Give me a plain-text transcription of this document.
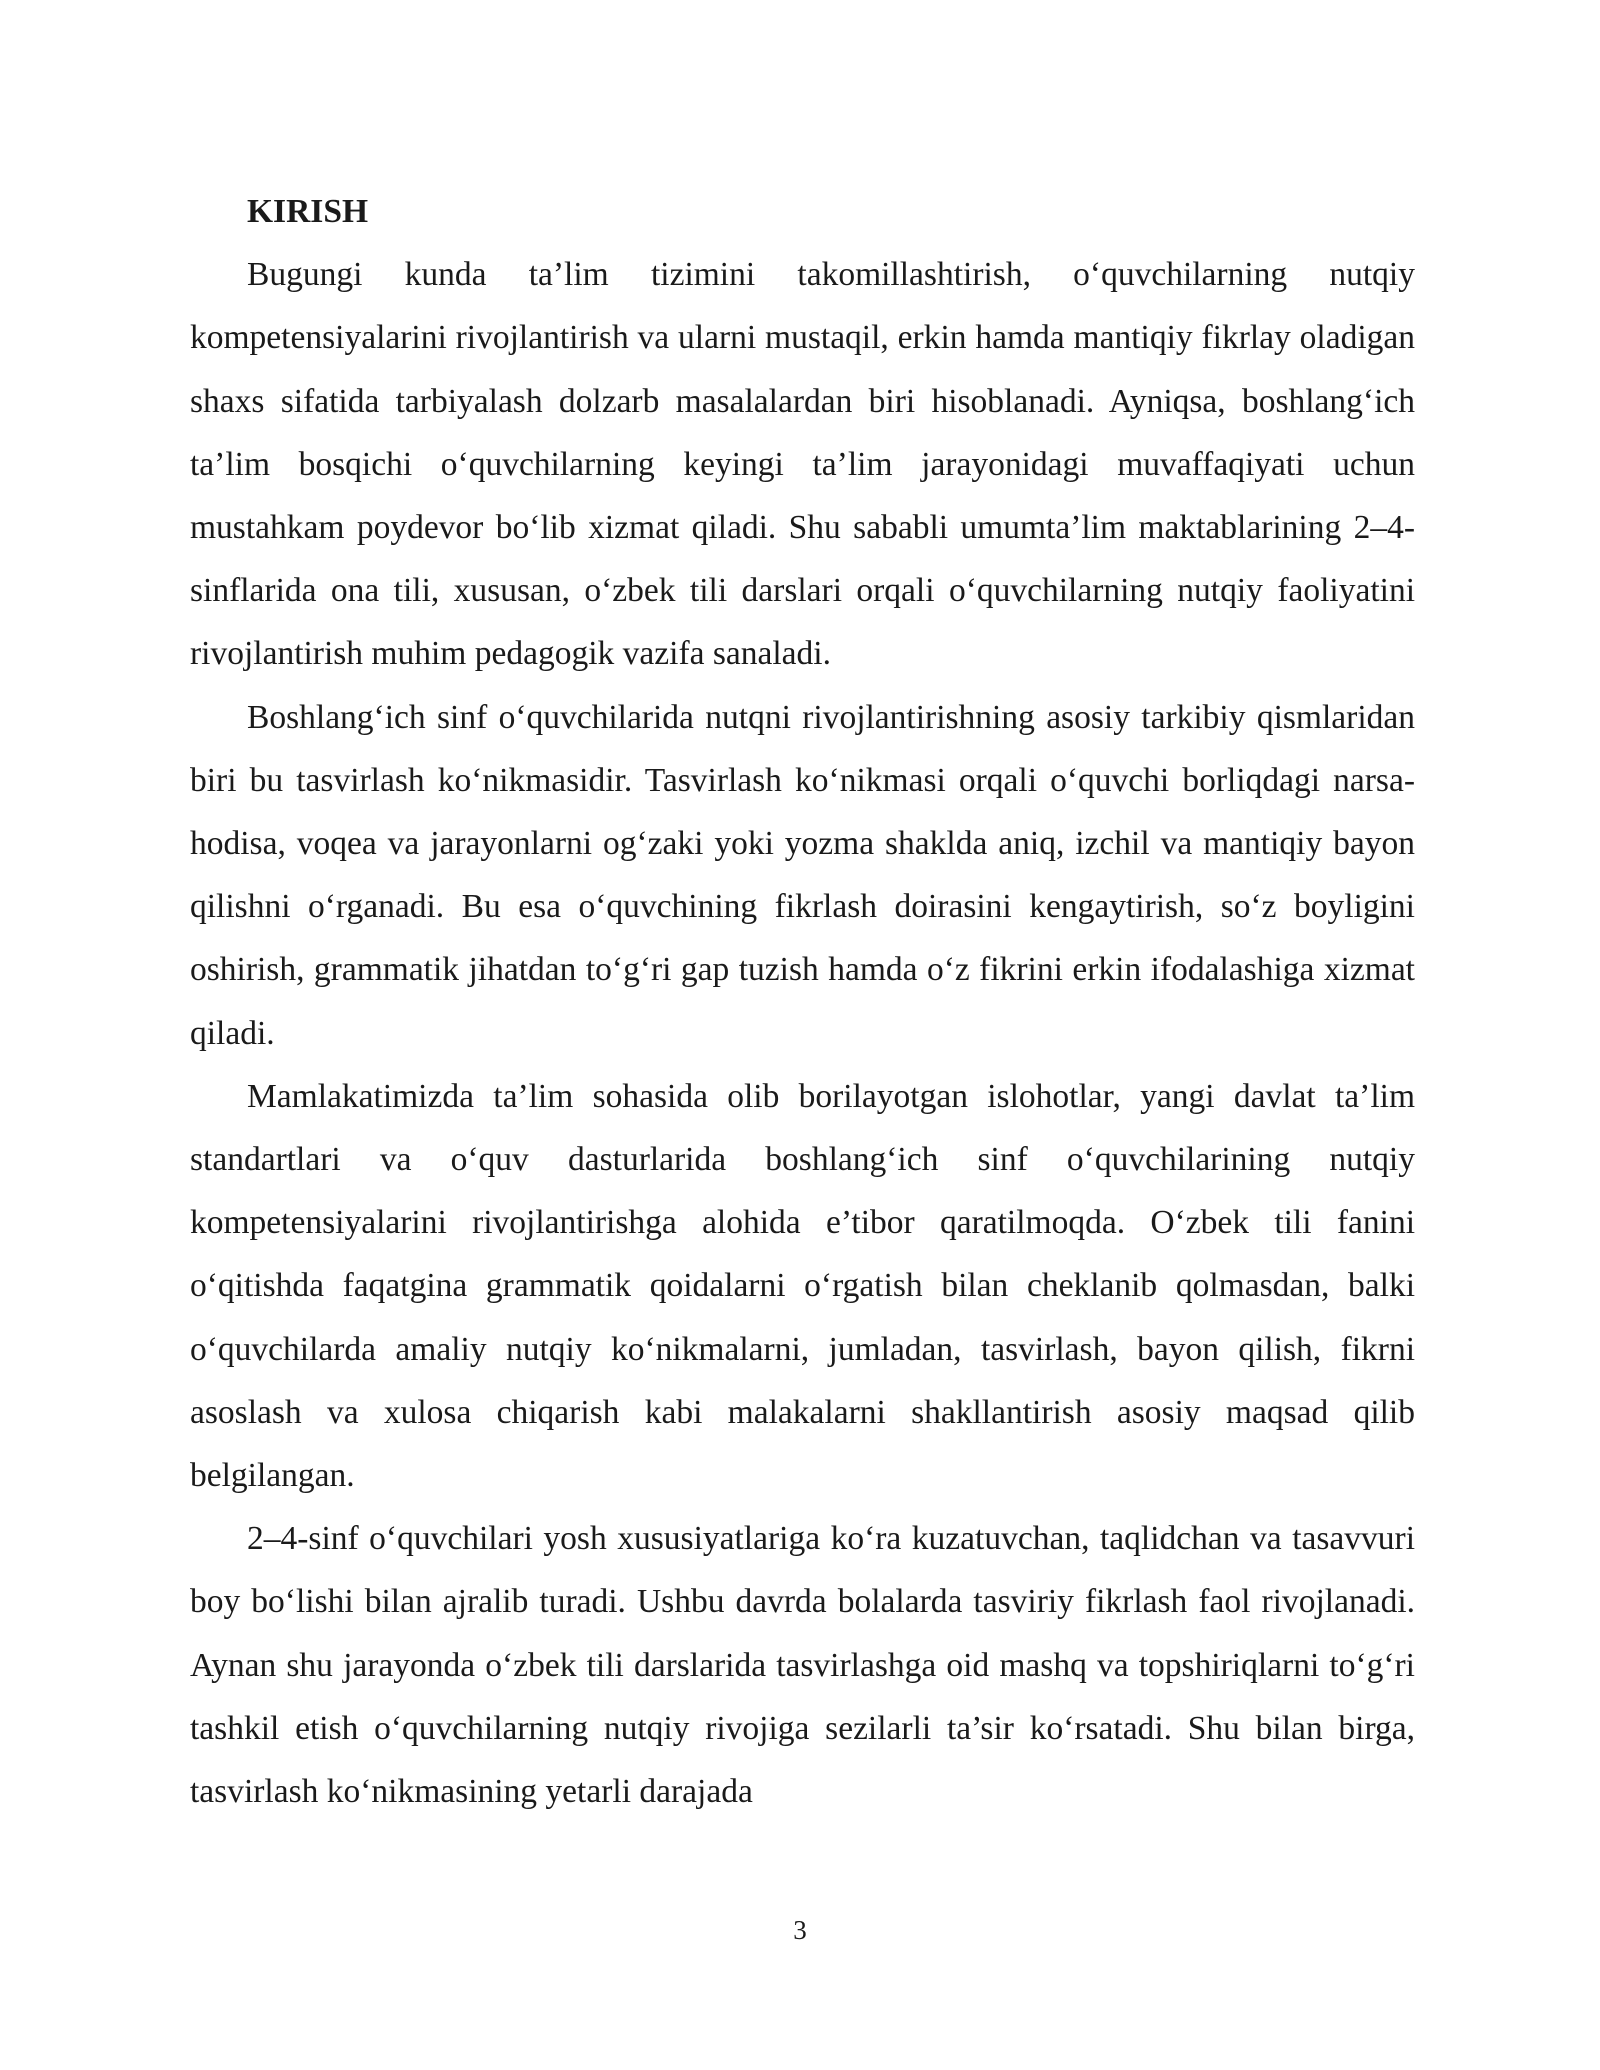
KIRISH

Bugungi kunda ta’lim tizimini takomillashtirish, o‘quvchilarning nutqiy kompetensiyalarini rivojlantirish va ularni mustaqil, erkin hamda mantiqiy fikrlay oladigan shaxs sifatida tarbiyalash dolzarb masalalardan biri hisoblanadi. Ayniqsa, boshlang‘ich ta’lim bosqichi o‘quvchilarning keyingi ta’lim jarayonidagi muvaffaqiyati uchun mustahkam poydevor bo‘lib xizmat qiladi. Shu sababli umumta’lim maktablarining 2–4-sinflarida ona tili, xususan, o‘zbek tili darslari orqali o‘quvchilarning nutqiy faoliyatini rivojlantirish muhim pedagogik vazifa sanaladi.

Boshlang‘ich sinf o‘quvchilarida nutqni rivojlantirishning asosiy tarkibiy qismlaridan biri bu tasvirlash ko‘nikmasidir. Tasvirlash ko‘nikmasi orqali o‘quvchi borliqdagi narsa-hodisa, voqea va jarayonlarni og‘zaki yoki yozma shaklda aniq, izchil va mantiqiy bayon qilishni o‘rganadi. Bu esa o‘quvchining fikrlash doirasini kengaytirish, so‘z boyligini oshirish, grammatik jihatdan to‘g‘ri gap tuzish hamda o‘z fikrini erkin ifodalashiga xizmat qiladi.

Mamlakatimizda ta’lim sohasida olib borilayotgan islohotlar, yangi davlat ta’lim standartlari va o‘quv dasturlarida boshlang‘ich sinf o‘quvchilarining nutqiy kompetensiyalarini rivojlantirishga alohida e’tibor qaratilmoqda. O‘zbek tili fanini o‘qitishda faqatgina grammatik qoidalarni o‘rgatish bilan cheklanib qolmasdan, balki o‘quvchilarda amaliy nutqiy ko‘nikmalarni, jumladan, tasvirlash, bayon qilish, fikrni asoslash va xulosa chiqarish kabi malakalarni shakllantirish asosiy maqsad qilib belgilangan.

2–4-sinf o‘quvchilari yosh xususiyatlariga ko‘ra kuzatuvchan, taqlidchan va tasavvuri boy bo‘lishi bilan ajralib turadi. Ushbu davrda bolalarda tasviriy fikrlash faol rivojlanadi. Aynan shu jarayonda o‘zbek tili darslarida tasvirlashga oid mashq va topshiriqlarni to‘g‘ri tashkil etish o‘quvchilarning nutqiy rivojiga sezilarli ta’sir ko‘rsatadi. Shu bilan birga, tasvirlash ko‘nikmasining yetarli darajada

3
